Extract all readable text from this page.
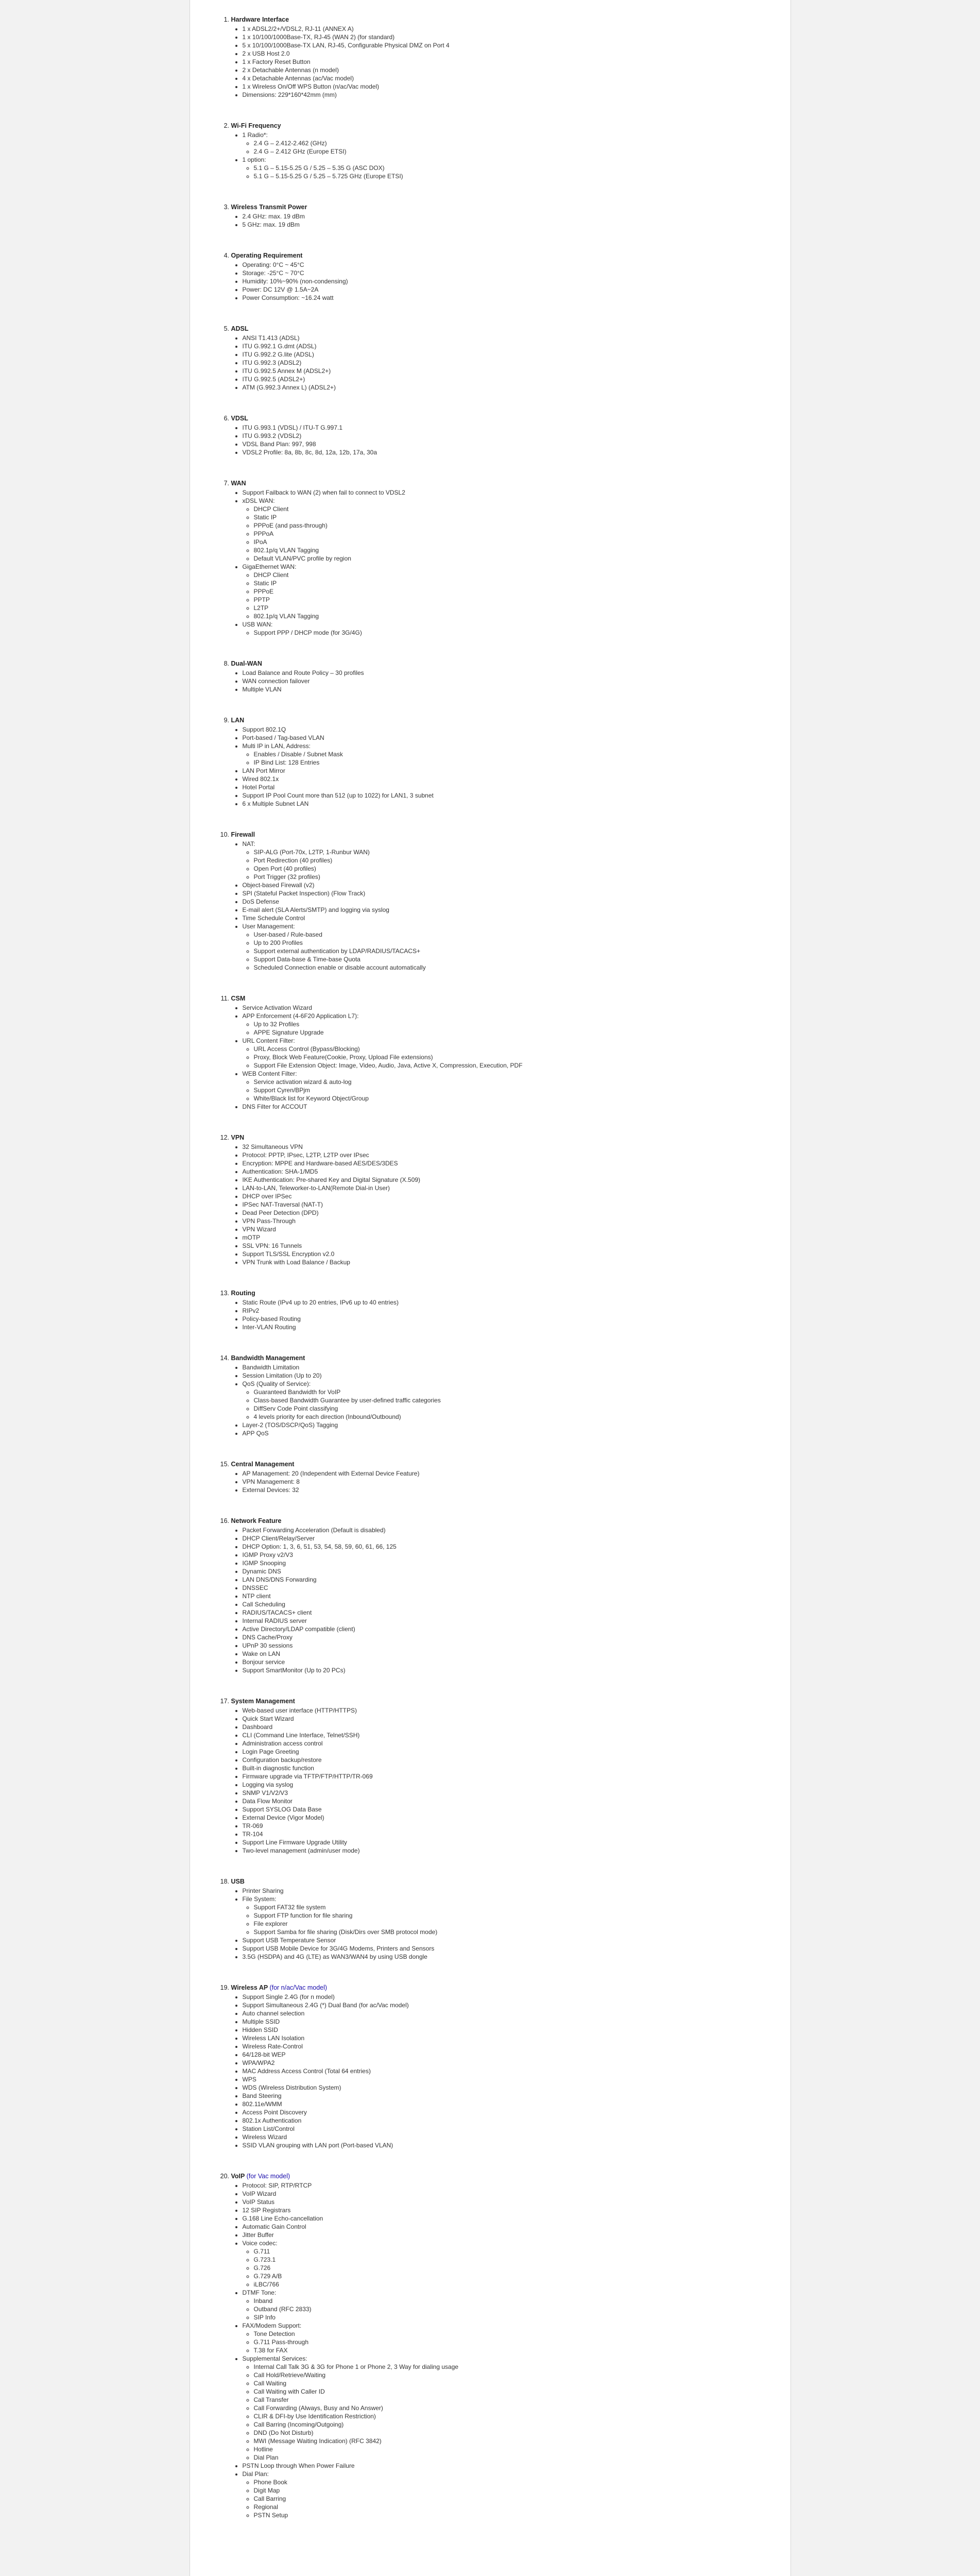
1. Hardware Interface
• 1 x ADSL2/2+/VDSL2, RJ-11 (ANNEX A)
• 1 x 10/100/1000Base-TX, RJ-45 (WAN 2) (for standard)
• 5 x 10/100/1000Base-TX LAN, RJ-45, Configurable Physical DMZ on Port 4
• 2 x USB Host 2.0
• 1 x Factory Reset Button
• 2 x Detachable Antennas (n model)
• 4 x Detachable Antennas (ac/Vac model)
• 1 x Wireless On/Off WPS Button (n/ac/Vac model)
• Dimensions: 229*160*42mm (mm)
2. Wi-Fi Frequency
• 1 Radio*:
◦ 2.4 G – 2.412-2.462 (GHz)
◦ 2.4 G – 2.412 GHz (Europe ETSI)
• 1 option:
◦ 5.1 G – 5.15-5.25 G / 5.25 – 5.35 G (ASC DOX)
◦ 5.1 G – 5.15-5.25 G / 5.25 – 5.725 GHz (Europe ETSI)
3. Wireless Transmit Power
• 2.4 GHz: max. 19 dBm
• 5 GHz: max. 19 dBm
4. Operating Requirement
• Operating: 0°C ~ 45°C
• Storage: -25°C ~ 70°C
• Humidity: 10%~90% (non-condensing)
• Power: DC 12V @ 1.5A~2A
• Power Consumption: ~16.24 watt
5. ADSL
• ANSI T1.413 (ADSL)
• ITU G.992.1 G.dmt (ADSL)
• ITU G.992.2 G.lite (ADSL)
• ITU G.992.3 (ADSL2)
• ITU G.992.5 Annex M (ADSL2+)
• ITU G.992.5 (ADSL2+)
• ATM (G.992.3 Annex L) (ADSL2+)
6. VDSL
• ITU G.993.1 (VDSL) / ITU-T G.997.1
• ITU G.993.2 (VDSL2)
• VDSL Band Plan: 997, 998
• VDSL2 Profile: 8a, 8b, 8c, 8d, 12a, 12b, 17a, 30a
7. WAN
• Support Failback to WAN (2) when fail to connect to VDSL2
• xDSL WAN:
◦ DHCP Client
◦ Static IP
◦ PPPoE (and pass-through)
◦ PPPoA
◦ IPoA
◦ 802.1p/q VLAN Tagging
◦ Default VLAN/PVC profile by region
• GigaEthernet WAN:
◦ DHCP Client
◦ Static IP
◦ PPPoE
◦ PPTP
◦ L2TP
◦ 802.1p/q VLAN Tagging
• USB WAN:
◦ Support PPP / DHCP mode (for 3G/4G)
8. Dual-WAN
• Load Balance and Route Policy – 30 profiles
• WAN connection failover
• Multiple VLAN
9. LAN
• Support 802.1Q
• Port-based / Tag-based VLAN
• Multi IP in LAN, Address:
◦ Enables / Disable / Subnet Mask
◦ IP Bind List: 128 Entries
• LAN Port Mirror
• Wired 802.1x
• Hotel Portal
• Support IP Pool Count more than 512 (up to 1022) for LAN1, 3 subnet
• 6 x Multiple Subnet LAN
10. Firewall
• NAT:
◦ SIP-ALG (Port-70x, L2TP, 1-Runbur WAN)
◦ Port Redirection (40 profiles)
◦ Open Port (40 profiles)
◦ Port Trigger (32 profiles)
• Object-based Firewall (v2)
• SPI (Stateful Packet Inspection) (Flow Track)
• DoS Defense
• E-mail alert (SLA Alerts/SMTP) and logging via syslog
• Time Schedule Control
• User Management:
◦ User-based / Rule-based
◦ Up to 200 Profiles
◦ Support external authentication by LDAP/RADIUS/TACACS+
◦ Support Data-base & Time-base Quota
◦ Scheduled Connection enable or disable account automatically
11. CSM
• Service Activation Wizard
• APP Enforcement (4-6F20 Application L7):
◦ Up to 32 Profiles
◦ APPE Signature Upgrade
• URL Content Filter:
◦ URL Access Control (Bypass/Blocking)
◦ Proxy, Block Web Feature(Cookie, Proxy, Upload File extensions)
◦ Support File Extension Object: Image, Video, Audio, Java, Active X, Compression, Execution, PDF
• WEB Content Filter:
◦ Service activation wizard & auto-log
◦ Support Cyren/BPjm
◦ White/Black list for Keyword Object/Group
• DNS Filter for ACCOUT
12. VPN
• 32 Simultaneous VPN
• Protocol: PPTP, IPsec, L2TP, L2TP over IPsec
• Encryption: MPPE and Hardware-based AES/DES/3DES
• Authentication: SHA-1/MD5
• IKE Authentication: Pre-shared Key and Digital Signature (X.509)
• LAN-to-LAN, Teleworker-to-LAN(Remote Dial-in User)
• DHCP over IPSec
• IPSec NAT-Traversal (NAT-T)
• Dead Peer Detection (DPD)
• VPN Pass-Through
• VPN Wizard
• mOTP
• SSL VPN: 16 Tunnels
• Support TLS/SSL Encryption v2.0
• VPN Trunk with Load Balance / Backup
13. Routing
• Static Route (IPv4 up to 20 entries, IPv6 up to 40 entries)
• RIPv2
• Policy-based Routing
• Inter-VLAN Routing
14. Bandwidth Management
• Bandwidth Limitation
• Session Limitation (Up to 20)
• QoS (Quality of Service):
◦ Guaranteed Bandwidth for VoIP
◦ Class-based Bandwidth Guarantee by user-defined traffic categories
◦ DiffServ Code Point classifying
◦ 4 levels priority for each direction (Inbound/Outbound)
• Layer-2 (TOS/DSCP/QoS) Tagging
• APP QoS
15. Central Management
• AP Management: 20 (Independent with External Device Feature)
• VPN Management: 8
• External Devices: 32
16. Network Feature
• Packet Forwarding Acceleration (Default is disabled)
• DHCP Client/Relay/Server
• DHCP Option: 1, 3, 6, 51, 53, 54, 58, 59, 60, 61, 66, 125
• IGMP Proxy v2/V3
• IGMP Snooping
• Dynamic DNS
• LAN DNS/DNS Forwarding
• DNSSEC
• NTP client
• Call Scheduling
• RADIUS/TACACS+ client
• Internal RADIUS server
• Active Directory/LDAP compatible (client)
• DNS Cache/Proxy
• UPnP 30 sessions
• Wake on LAN
• Bonjour service
• Support SmartMonitor (Up to 20 PCs)
17. System Management
• Web-based user interface (HTTP/HTTPS)
• Quick Start Wizard
• Dashboard
• CLI (Command Line Interface, Telnet/SSH)
• Administration access control
• Login Page Greeting
• Configuration backup/restore
• Built-in diagnostic function
• Firmware upgrade via TFTP/FTP/HTTP/TR-069
• Logging via syslog
• SNMP V1/V2/V3
• Data Flow Monitor
• Support SYSLOG Data Base
• External Device (Vigor Model)
• TR-069
• TR-104
• Support Line Firmware Upgrade Utility
• Two-level management (admin/user mode)
18. USB
• Printer Sharing
• File System:
◦ Support FAT32 file system
◦ Support FTP function for file sharing
◦ File explorer
◦ Support Samba for file sharing (Disk/Dirs over SMB protocol mode)
• Support USB Temperature Sensor
• Support USB Mobile Device for 3G/4G Modems, Printers and Sensors
• 3.5G (HSDPA) and 4G (LTE) as WAN3/WAN4 by using USB dongle
19. Wireless AP (for n/ac/Vac model)
• Support Single 2.4G (for n model)
• Support Simultaneous 2.4G (*) Dual Band (for ac/Vac model)
• Auto channel selection
• Multiple SSID
• Hidden SSID
• Wireless LAN Isolation
• Wireless Rate-Control
• 64/128-bit WEP
• WPA/WPA2
• MAC Address Access Control (Total 64 entries)
• WPS
• WDS (Wireless Distribution System)
• Band Steering
• 802.11e/WMM
• Access Point Discovery
• 802.1x Authentication
• Station List/Control
• Wireless Wizard
• SSID VLAN grouping with LAN port (Port-based VLAN)
20. VoIP (for Vac model)
• Protocol: SIP, RTP/RTCP
• VoIP Wizard
• VoIP Status
• 12 SIP Registrars
• G.168 Line Echo-cancellation
• Automatic Gain Control
• Jitter Buffer
• Voice codec:
◦ G.711
◦ G.723.1
◦ G.726
◦ G.729 A/B
◦ iLBC/766
• DTMF Tone:
◦ Inband
◦ Outband (RFC 2833)
◦ SIP Info
• FAX/Modem Support:
◦ Tone Detection
◦ G.711 Pass-through
◦ T.38 for FAX
• Supplemental Services:
◦ Internal Call Talk 3G & 3G for Phone 1 or Phone 2, 3 Way for dialing usage
◦ Call Hold/Retrieve/Waiting
◦ Call Waiting
◦ Call Waiting with Caller ID
◦ Call Transfer
◦ Call Forwarding (Always, Busy and No Answer)
◦ CLIR & DFI-by Use Identification Restriction)
◦ Call Barring (Incoming/Outgoing)
◦ DND (Do Not Disturb)
◦ MWI (Message Waiting Indication) (RFC 3842)
◦ Hotline
◦ Dial Plan
• PSTN Loop through When Power Failure
• Dial Plan:
◦ Phone Book
◦ Digit Map
◦ Call Barring
◦ Regional
◦ PSTN Setup
